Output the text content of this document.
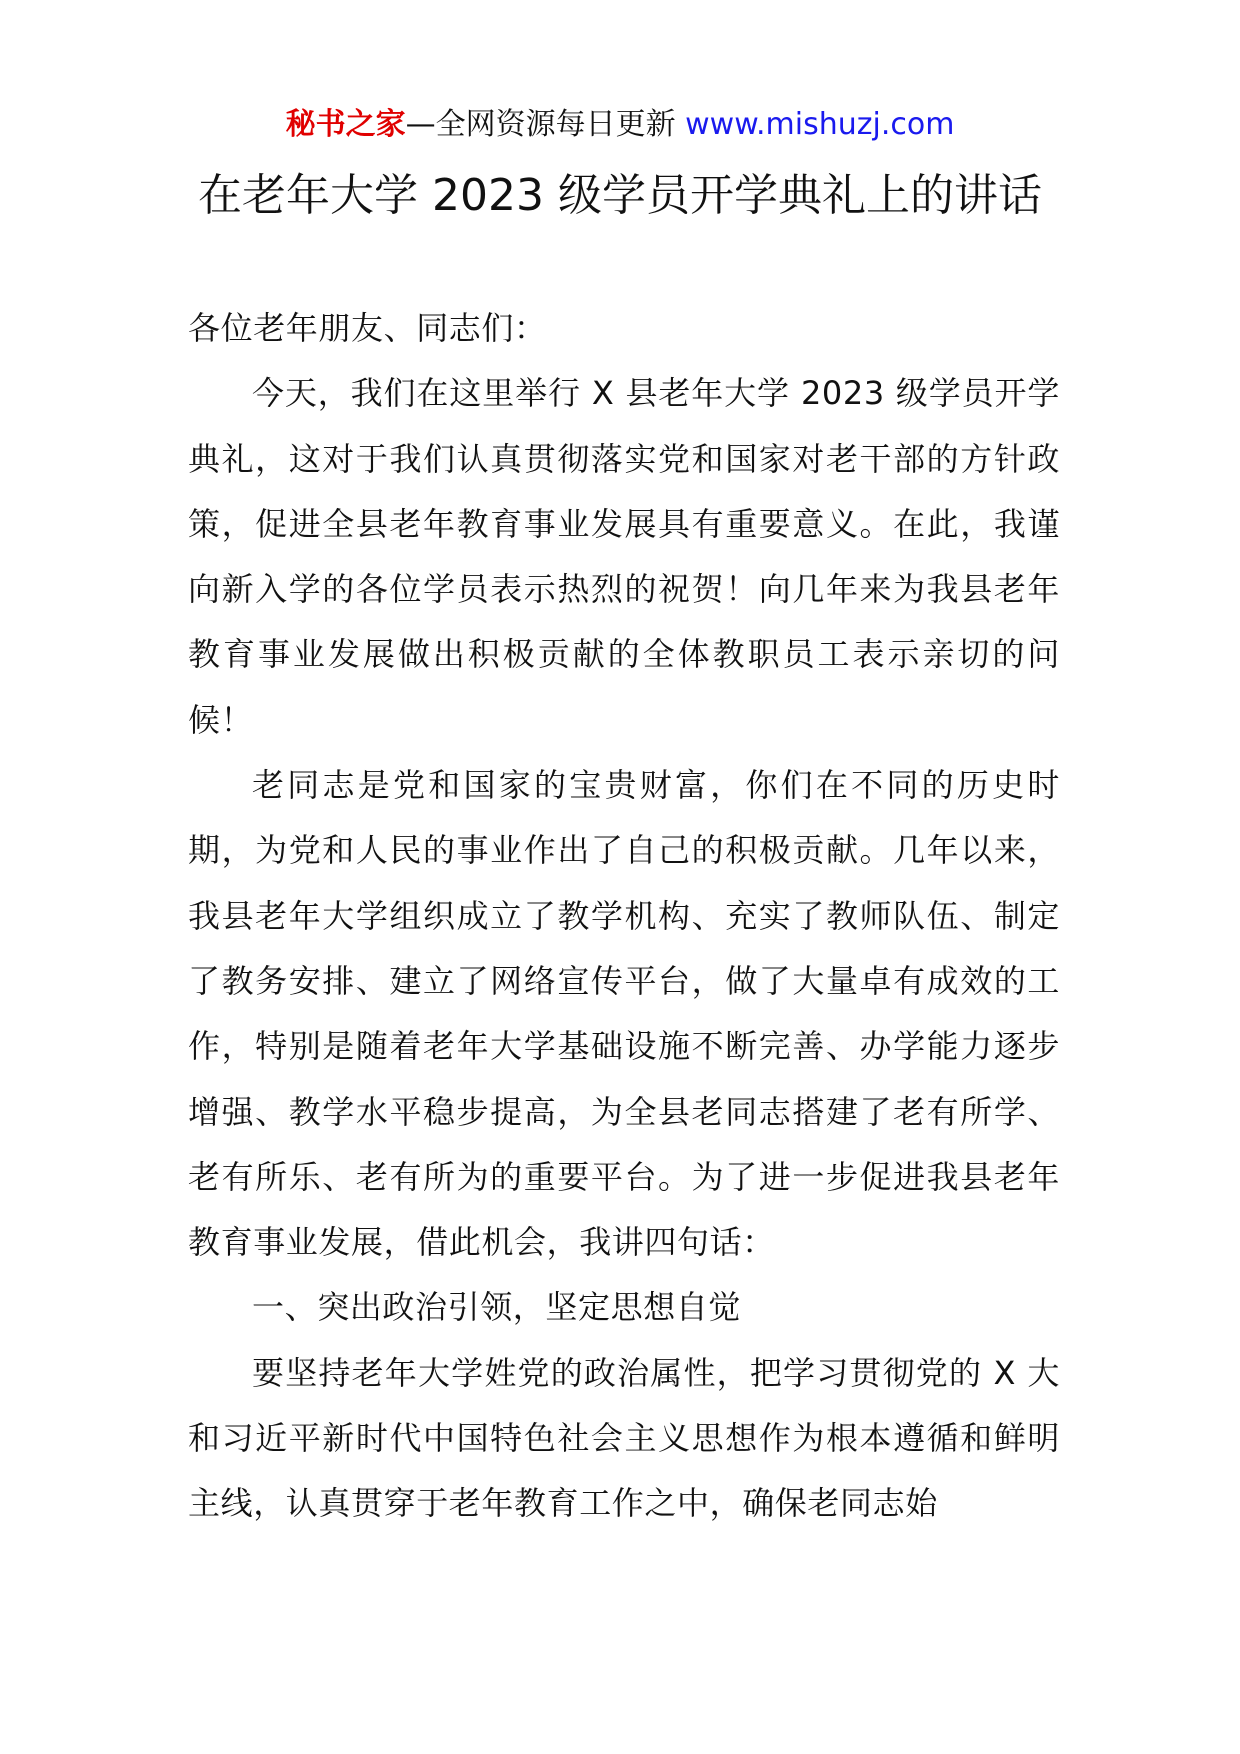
秘书之家—全网资源每日更新 www.mishuzj.com
在老年大学 2023 级学员开学典礼上的讲话

各位老年朋友、同志们：

今天，我们在这里举行 X 县老年大学 2023 级学员开学典礼，这对于我们认真贯彻落实党和国家对老干部的方针政策，促进全县老年教育事业发展具有重要意义。在此，我谨向新入学的各位学员表示热烈的祝贺！向几年来为我县老年教育事业发展做出积极贡献的全体教职员工表示亲切的问候！

老同志是党和国家的宝贵财富，你们在不同的历史时期，为党和人民的事业作出了自己的积极贡献。几年以来，我县老年大学组织成立了教学机构、充实了教师队伍、制定了教务安排、建立了网络宣传平台，做了大量卓有成效的工作，特别是随着老年大学基础设施不断完善、办学能力逐步增强、教学水平稳步提高，为全县老同志搭建了老有所学、老有所乐、老有所为的重要平台。为了进一步促进我县老年教育事业发展，借此机会，我讲四句话：

一、突出政治引领，坚定思想自觉

要坚持老年大学姓党的政治属性，把学习贯彻党的 X 大和习近平新时代中国特色社会主义思想作为根本遵循和鲜明主线，认真贯穿于老年教育工作之中，确保老同志始
